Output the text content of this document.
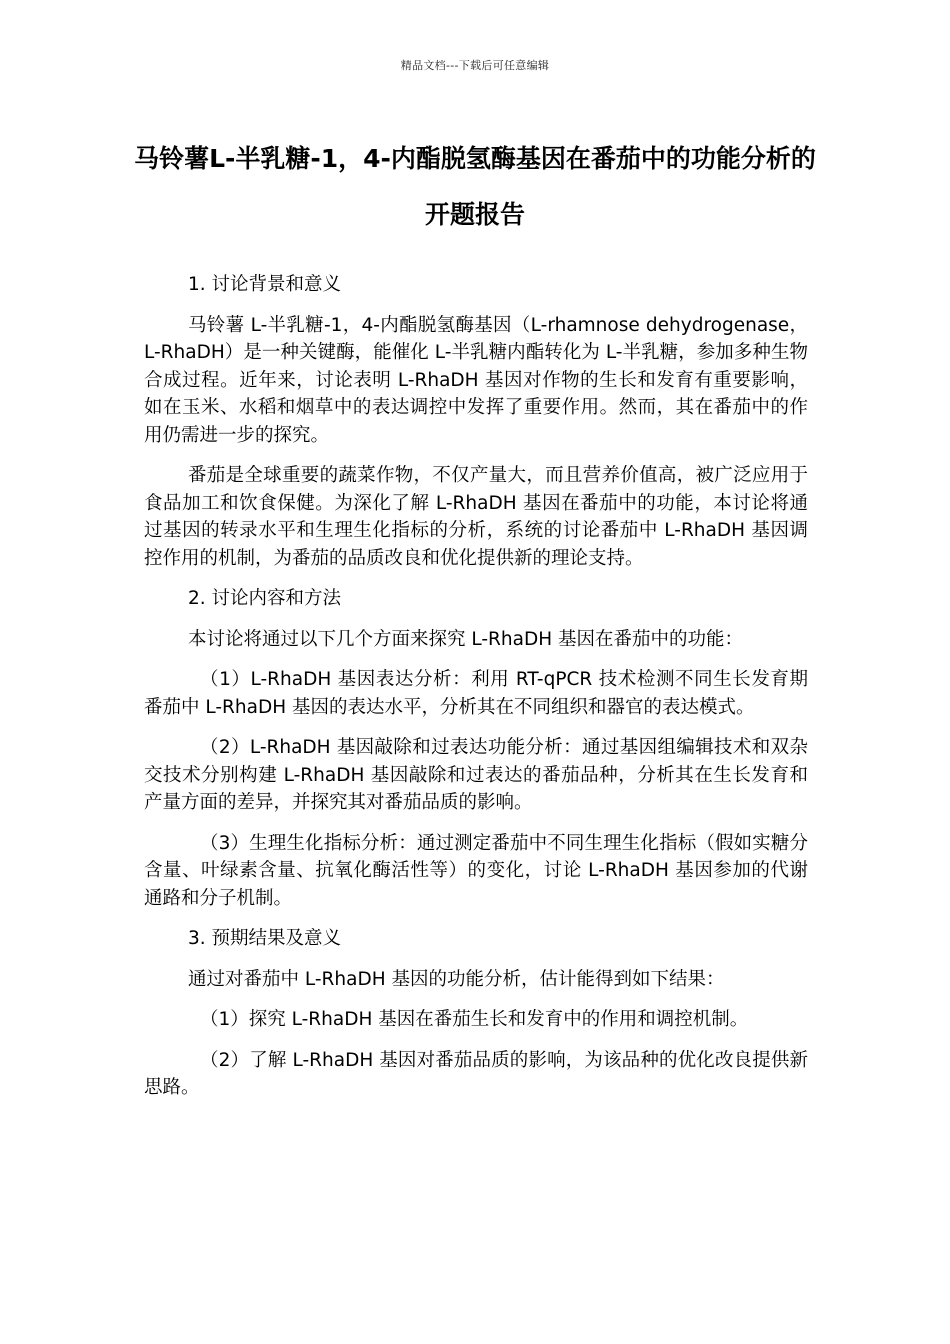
精品文档---下载后可任意编辑
马铃薯L-半乳糖-1，4-内酯脱氢酶基因在番茄中的功能分析的开题报告

1. 讨论背景和意义

马铃薯 L-半乳糖-1，4-内酯脱氢酶基因（L-rhamnose dehydrogenase，L-RhaDH）是一种关键酶，能催化 L-半乳糖内酯转化为 L-半乳糖，参加多种生物合成过程。近年来，讨论表明 L-RhaDH 基因对作物的生长和发育有重要影响，如在玉米、水稻和烟草中的表达调控中发挥了重要作用。然而，其在番茄中的作用仍需进一步的探究。

番茄是全球重要的蔬菜作物，不仅产量大，而且营养价值高，被广泛应用于食品加工和饮食保健。为深化了解 L-RhaDH 基因在番茄中的功能，本讨论将通过基因的转录水平和生理生化指标的分析，系统的讨论番茄中 L-RhaDH 基因调控作用的机制，为番茄的品质改良和优化提供新的理论支持。

2. 讨论内容和方法

本讨论将通过以下几个方面来探究 L-RhaDH 基因在番茄中的功能：

（1）L-RhaDH 基因表达分析：利用 RT-qPCR 技术检测不同生长发育期番茄中 L-RhaDH 基因的表达水平，分析其在不同组织和器官的表达模式。

（2）L-RhaDH 基因敲除和过表达功能分析：通过基因组编辑技术和双杂交技术分别构建 L-RhaDH 基因敲除和过表达的番茄品种，分析其在生长发育和产量方面的差异，并探究其对番茄品质的影响。

（3）生理生化指标分析：通过测定番茄中不同生理生化指标（假如实糖分含量、叶绿素含量、抗氧化酶活性等）的变化，讨论 L-RhaDH 基因参加的代谢通路和分子机制。

3. 预期结果及意义

通过对番茄中 L-RhaDH 基因的功能分析，估计能得到如下结果：

（1）探究 L-RhaDH 基因在番茄生长和发育中的作用和调控机制。

（2）了解 L-RhaDH 基因对番茄品质的影响，为该品种的优化改良提供新思路。
